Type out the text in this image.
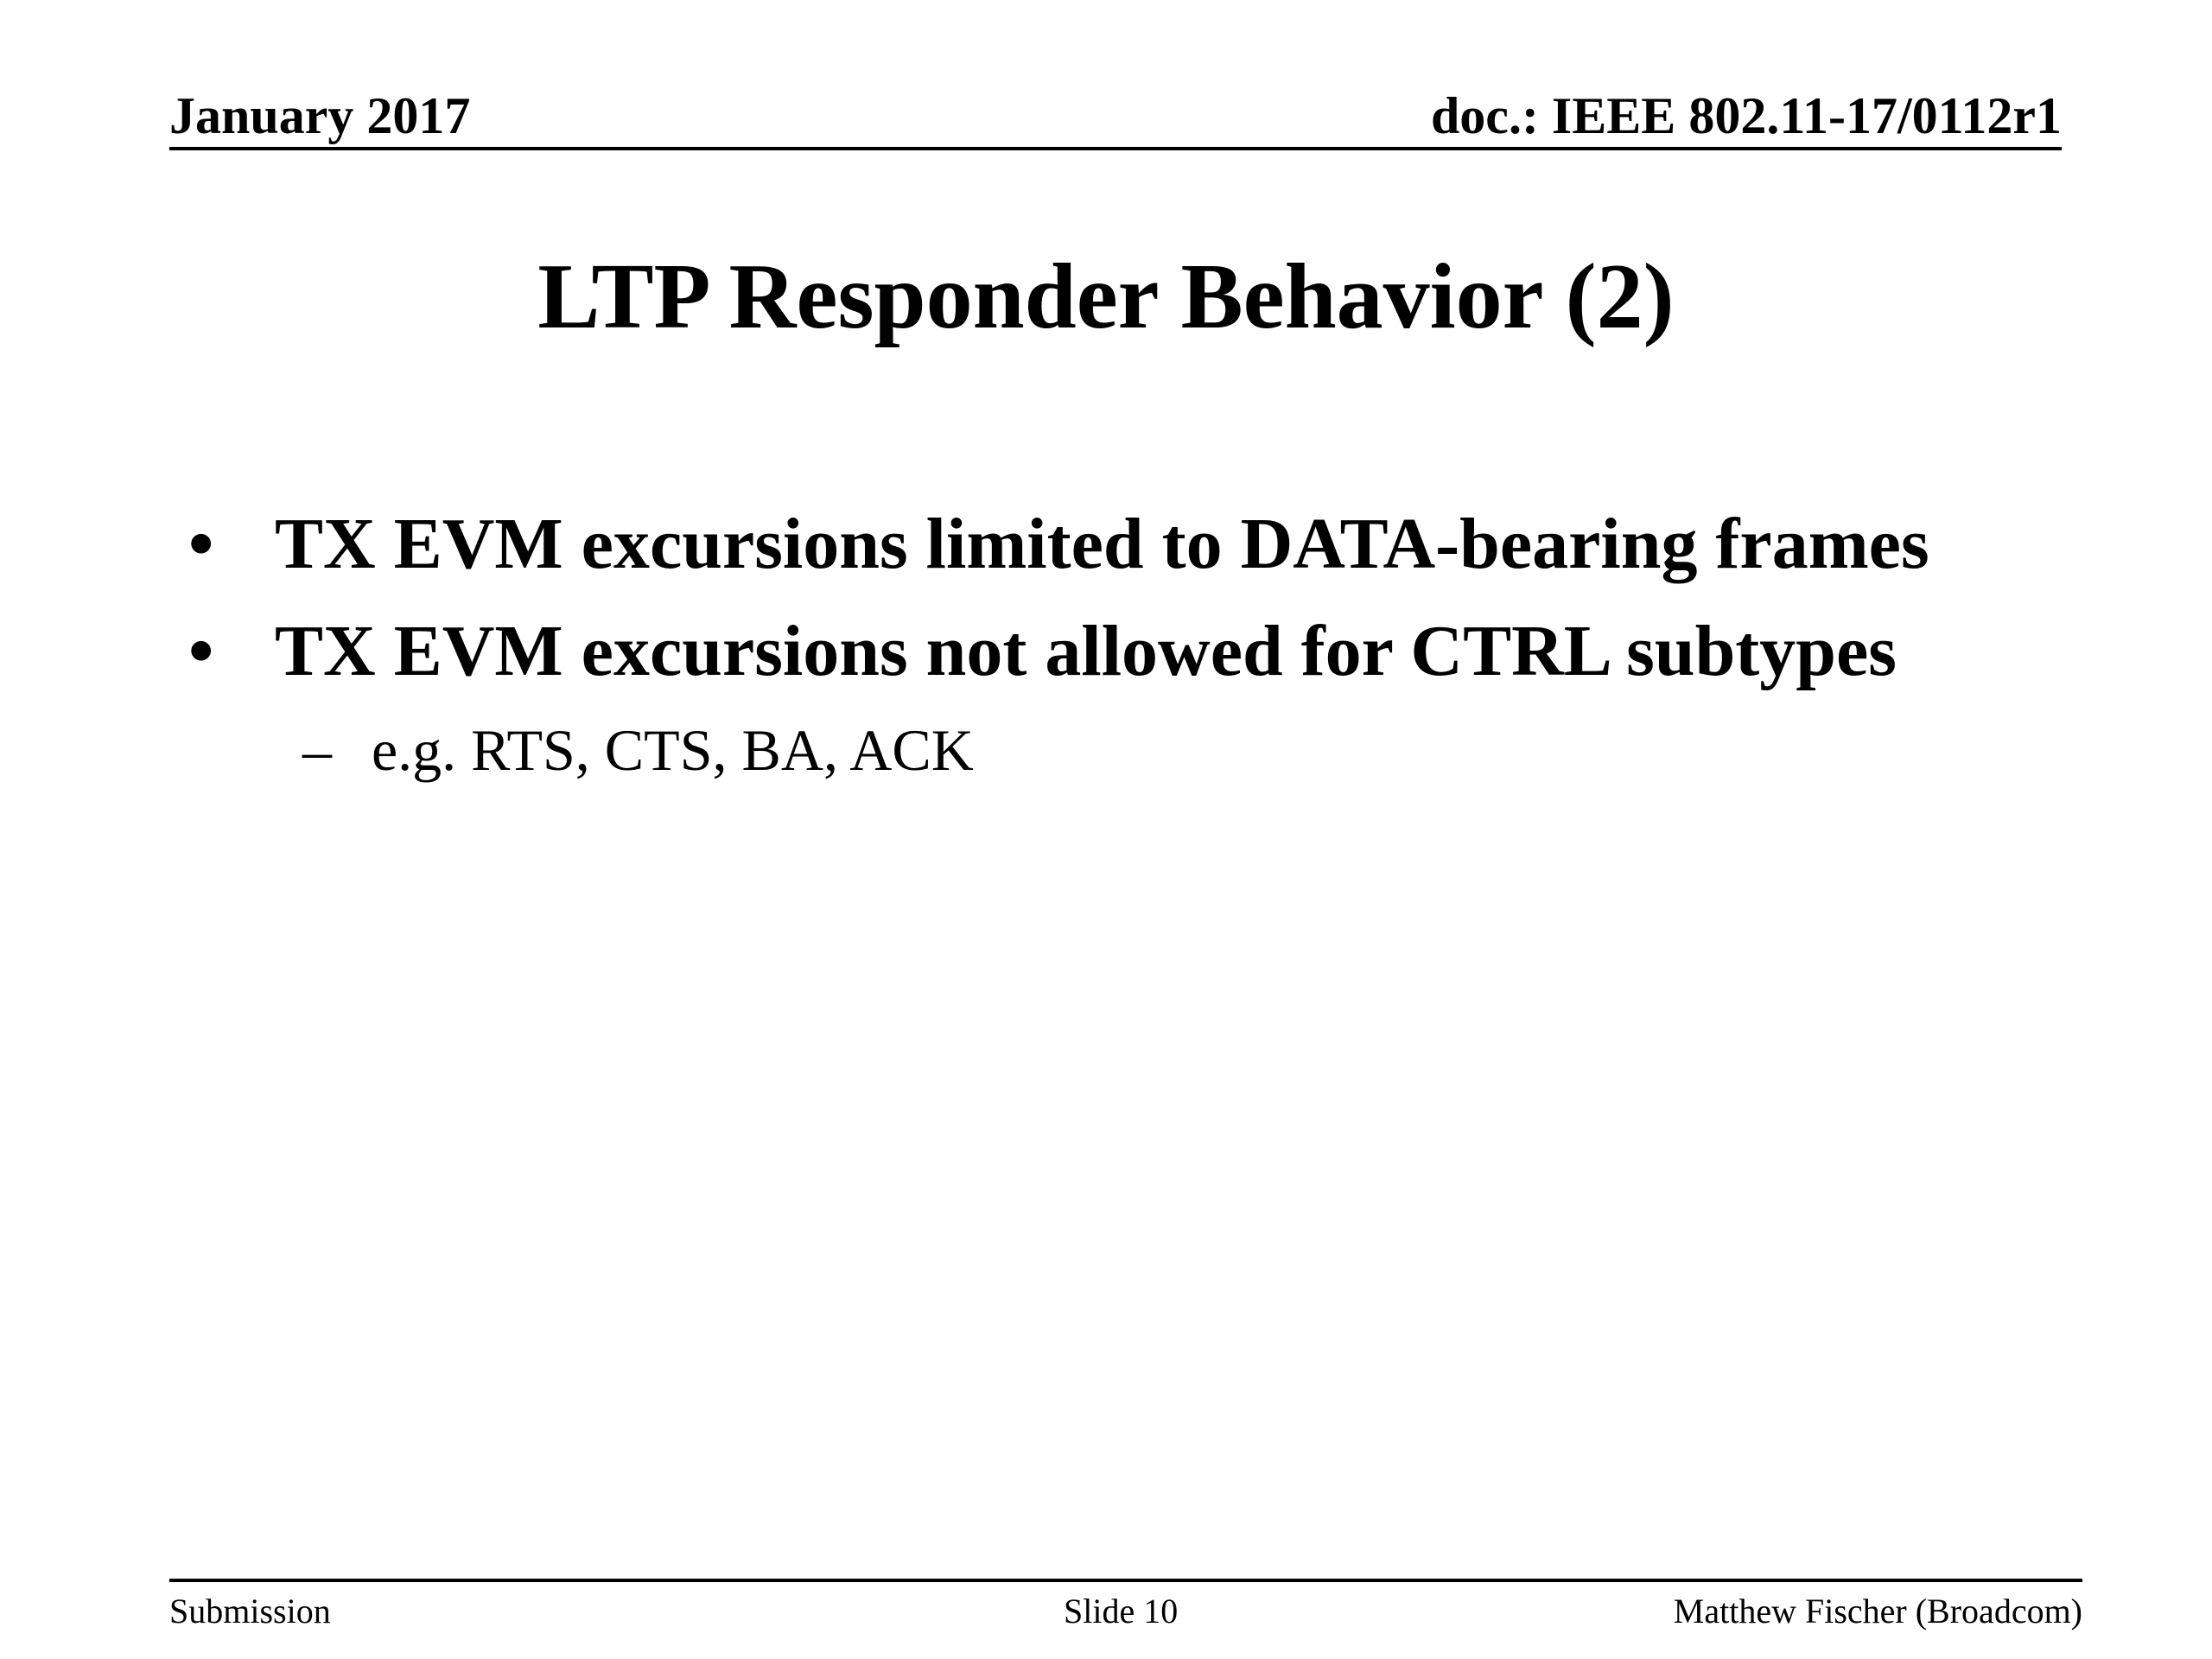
January 2017	doc.: IEEE 802.11-17/0112r1
LTP Responder Behavior (2)
• TX EVM excursions limited to DATA-bearing frames
• TX EVM excursions not allowed for CTRL subtypes
– e.g. RTS, CTS, BA, ACK
Submission	Slide 10	Matthew Fischer (Broadcom)
